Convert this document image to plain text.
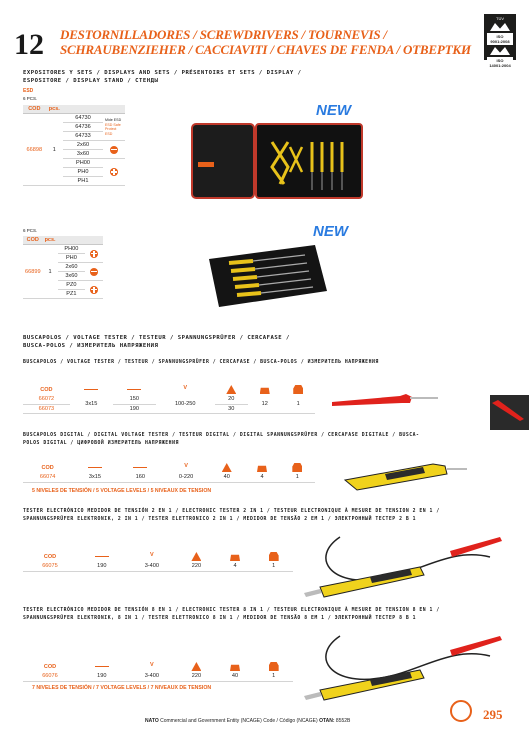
12 DESTORNILLADORES / SCREWDRIVERS / TOURNEVIS /
SCHRAUBENZIEHER / CACCIAVITI / CHAVES DE FENDA / ОТВЕРТКИ
TÜV
ISO 9001:2008
ISO 14001:2004
EXPOSITORES Y SETS / DISPLAYS AND SETS / PRÉSENTOIRS ET SETS / DISPLAY /
ESPOSITORE / DISPLAY STAND / СТЕНДЫ
ESD
6 PCS.
NEW
COD	pcs.		
66898	1	64730	Mide ESD
ESD Safe
Protect ESD

		64736	
		64733	
		2x60	
		3x60	
		PH00	
		PH0	
		PH1	
6 PCS.	NEW
COD	pcs.		
66899	1	PH00	
		PH0	
		2x60	
		3x60	
		PZ0	
		PZ1	
BUSCAPOLOS / VOLTAGE TESTER / TESTEUR / SPANNUNGSPRÜFER / CERCAFASE /
BUSCA-POLOS / ИЗМЕРИТЕЛЬ НАПРЯЖЕНИЯ
BUSCAPOLOS / VOLTAGE TESTER / TESTEUR / SPANNUNGSPRÜFER / CERCAFASE / BUSCA-POLOS / ИЗМЕРИТЕЛЬ НАПРЯЖЕНИЯ
COD			V			
66072	3x15	150	100-250	20	12	1
66073		190		30		
BUSCAPOLOS DIGITAL / DIGITAL VOLTAGE TESTER / TESTEUR DIGITAL / DIGITAL SPANNUNGSPRÜFER / CERCAFASE DIGITALE / BUSCA-POLOS DIGITAL / ЦИФРОВОЙ ИЗМЕРИТЕЛЬ НАПРЯЖЕНИЯ
COD			V			
66074	3x15	160	0-220	40	4	1
5 NIVELES DE TENSIÓN / 5 VOLTAGE LEVELS / 5 NIVEAUX DE TENSION
TESTER ELECTRÓNICO MEDIDOR DE TENSIÓN 2 EN 1 / ELECTRONIC TESTER 2 IN 1 / TESTEUR ELECTRONIQUE À MESURE DE TENSION 2 EN 1 / SPANNUNGSPRÜFER ELEKTRONIK, 2 IN 1 / TESTER ELETTRONICO 2 IN 1 / MEDIDOR DE TENSÃO 2 EM 1 / ЭЛЕКТРОННЫЙ ТЕСТЕР 2 В 1
COD		V			
66075	190	3-400	220	4	1
TESTER ELECTRÓNICO MEDIDOR DE TENSIÓN 8 EN 1 / ELECTRONIC TESTER 8 IN 1 / TESTEUR ELECTRONIQUE À MESURE DE TENSION 8 EN 1 / SPANNUNGSPRÜFER ELEKTRONIK, 8 IN 1 / TESTER ELETTRONICO 8 IN 1 / MEDIDOR DE TENSÃO 8 EM 1 / ЭЛЕКТРОННЫЙ ТЕСТЕР 8 В 1
COD		V			
66076	190	3-400	220	40	1
7 NIVELES DE TENSIÓN / 7 VOLTAGE LEVELS / 7 NIVEAUX DE TENSION
295
NATO Commercial and Government Entity (NCAGE) Code / Código (NCAGE) OTAN: 8552B
